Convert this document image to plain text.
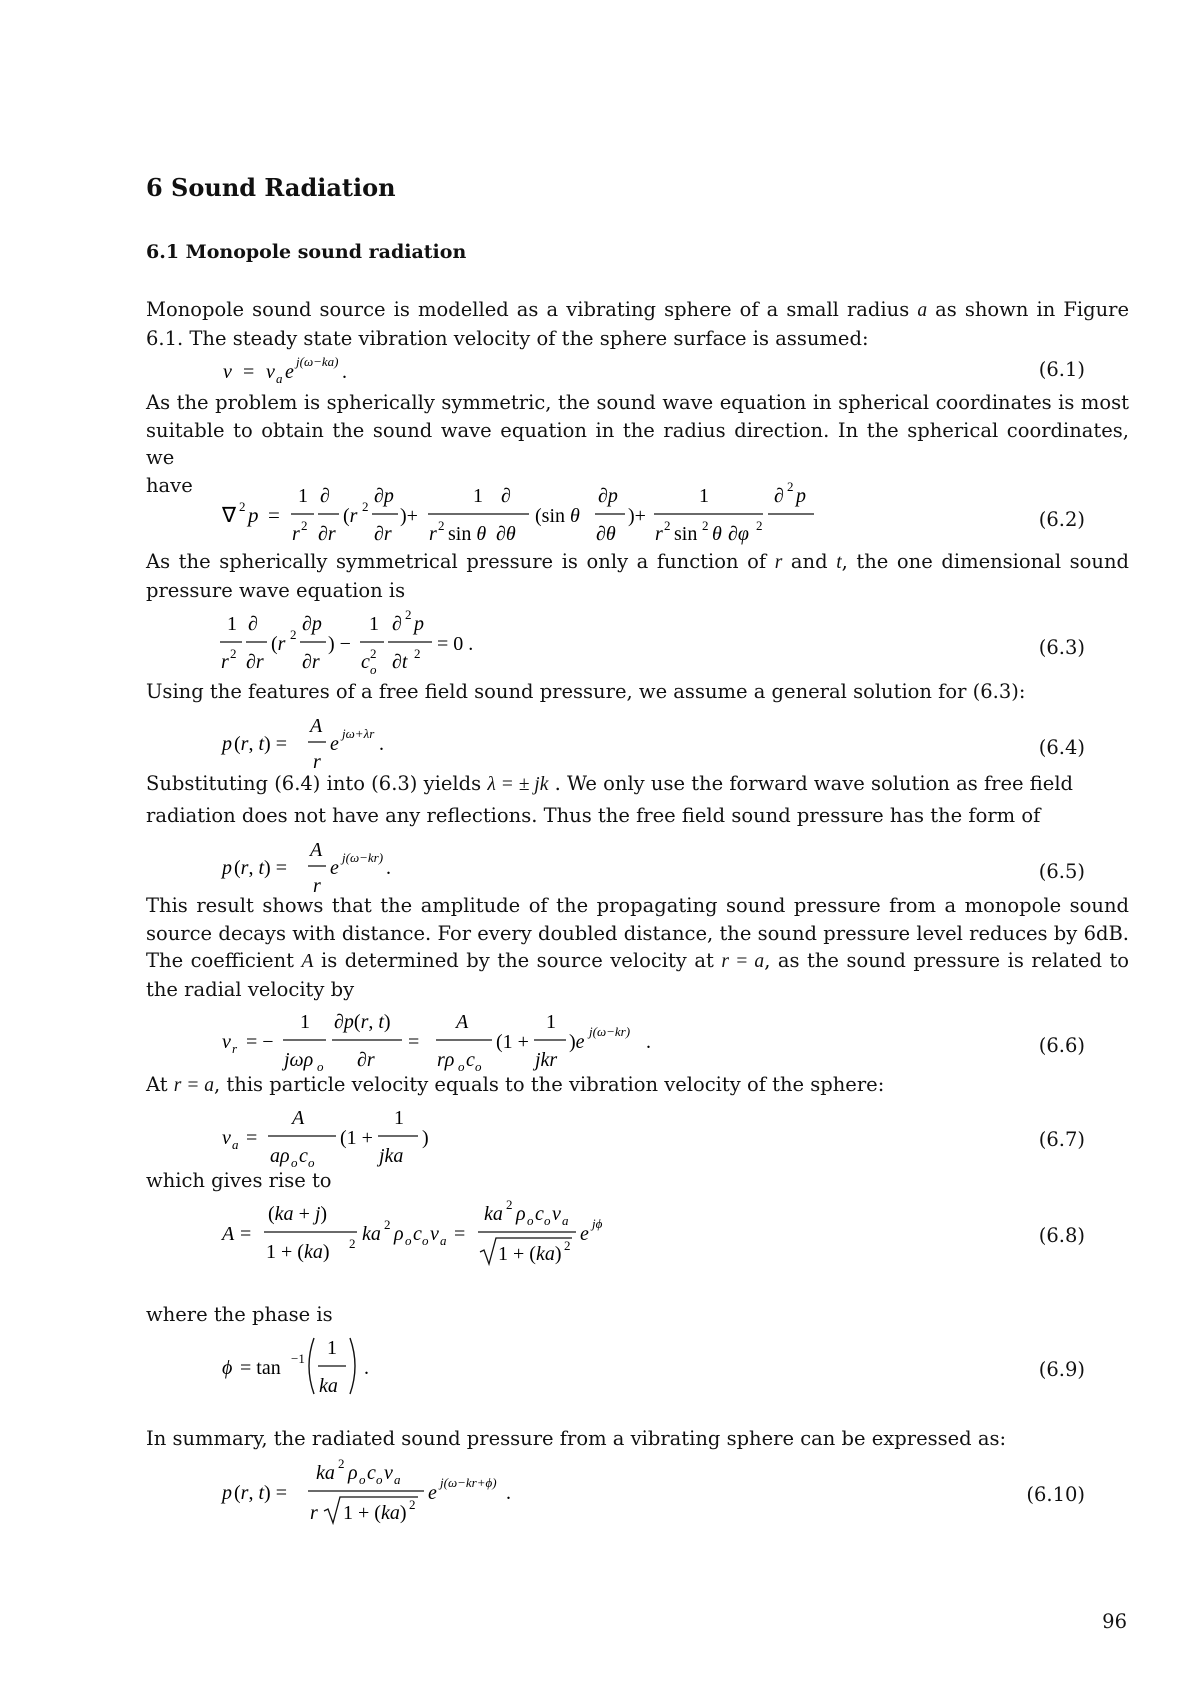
6 Sound Radiation
6.1 Monopole sound radiation
Monopole sound source is modelled as a vibrating sphere of a small radius a as shown in Figure
6.1. The steady state vibration velocity of the sphere surface is assumed:
v = v a e j(ω−ka) .	(6.1)
As the problem is spherically symmetric, the sound wave equation in spherical coordinates is most
suitable to obtain the sound wave equation in the radius direction. In the spherical coordinates, we
have
∇ 2 p =
1
r 2
∂
∂r
(r 2 ∂p
∂r
)+
1
r 2 sin θ
∂
∂θ
(sin θ
∂p
∂θ
)+
1
r 2 sin 2 θ ∂φ 2
∂ 2 p
(6.2)
As the spherically symmetrical pressure is only a function of r and t, the one dimensional sound
pressure wave equation is
1
r 2
∂
∂r
(r 2 ∂p
∂r
) −
1
c 2
o
∂ 2 p
∂t 2 = 0 .	(6.3)
Using the features of a free field sound pressure, we assume a general solution for (6.3):
p (r, t) =
A
r
e jω+λr .	(6.4)
Substituting (6.4) into (6.3) yields λ = ± jk . We only use the forward wave solution as free field
radiation does not have any reflections. Thus the free field sound pressure has the form of
p (r, t) =
A
r
e j(ω−kr) .	(6.5)
This result shows that the amplitude of the propagating sound pressure from a monopole sound
source decays with distance. For every doubled distance, the sound pressure level reduces by 6dB.
The coefficient A is determined by the source velocity at r = a, as the sound pressure is related to
the radial velocity by
v r = −
1
jωρ o
∂p(r, t)
∂r
=
A
rρ o c o
(1 +
1
jkr
)e j(ω−kr) .	(6.6)
At r = a, this particle velocity equals to the vibration velocity of the sphere:
v a =
A
aρ o c o
(1 +
1
jka
)	(6.7)
which gives rise to
A =
(ka + j)
1 + (ka) 2 ka 2 ρ o c o v a =
ka 2 ρ o c o v a
1 + (ka) 2
e jϕ
(6.8)
where the phase is
ϕ = tan −1 1
ka
.	(6.9)
In summary, the radiated sound pressure from a vibrating sphere can be expressed as:
p (r, t) =
ka 2 ρ o c o v a
r 1 + (ka) 2
e j(ω−kr+ϕ) .	(6.10)
96
